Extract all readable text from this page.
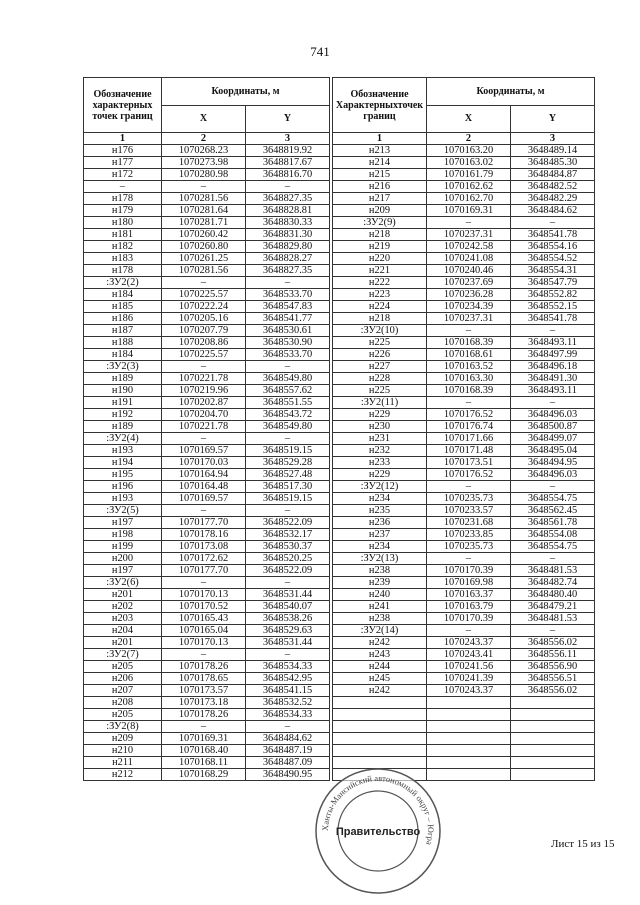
741
Обозначение характерных точек границ	Координаты, м	
	X	Y
1	2	3
н176	1070268.23	3648819.92
н177	1070273.98	3648817.67
н172	1070280.98	3648816.70
–	–	–
н178	1070281.56	3648827.35
н179	1070281.64	3648828.81
н180	1070281.71	3648830.33
н181	1070260.42	3648831.30
н182	1070260.80	3648829.80
н183	1070261.25	3648828.27
н178	1070281.56	3648827.35
:ЗУ2(2)	–	–
н184	1070225.57	3648533.70
н185	1070222.24	3648547.83
н186	1070205.16	3648541.77
н187	1070207.79	3648530.61
н188	1070208.86	3648530.90
н184	1070225.57	3648533.70
:ЗУ2(3)	–	–
н189	1070221.78	3648549.80
н190	1070219.96	3648557.62
н191	1070202.87	3648551.55
н192	1070204.70	3648543.72
н189	1070221.78	3648549.80
:ЗУ2(4)	–	–
н193	1070169.57	3648519.15
н194	1070170.03	3648529.28
н195	1070164.94	3648527.48
н196	1070164.48	3648517.30
н193	1070169.57	3648519.15
:ЗУ2(5)	–	–
н197	1070177.70	3648522.09
н198	1070178.16	3648532.17
н199	1070173.08	3648530.37
н200	1070172.62	3648520.25
н197	1070177.70	3648522.09
:ЗУ2(6)	–	–
н201	1070170.13	3648531.44
н202	1070170.52	3648540.07
н203	1070165.43	3648538.26
н204	1070165.04	3648529.63
н201	1070170.13	3648531.44
:ЗУ2(7)	–	–
н205	1070178.26	3648534.33
н206	1070178.65	3648542.95
н207	1070173.57	3648541.15
н208	1070173.18	3648532.52
н205	1070178.26	3648534.33
:ЗУ2(8)	–	–
н209	1070169.31	3648484.62
н210	1070168.40	3648487.19
н211	1070168.11	3648487.09
н212	1070168.29	3648490.95
Обозначение Характерныхточек границ	Координаты, м	
	X	Y
1	2	3
н213	1070163.20	3648489.14
н214	1070163.02	3648485.30
н215	1070161.79	3648484.87
н216	1070162.62	3648482.52
н217	1070162.70	3648482.29
н209	1070169.31	3648484.62
:ЗУ2(9)	–	–
н218	1070237.31	3648541.78
н219	1070242.58	3648554.16
н220	1070241.08	3648554.52
н221	1070240.46	3648554.31
н222	1070237.69	3648547.79
н223	1070236.28	3648552.82
н224	1070234.39	3648552.15
н218	1070237.31	3648541.78
:ЗУ2(10)	–	–
н225	1070168.39	3648493.11
н226	1070168.61	3648497.99
н227	1070163.52	3648496.18
н228	1070163.30	3648491.30
н225	1070168.39	3648493.11
:ЗУ2(11)	–	–
н229	1070176.52	3648496.03
н230	1070176.74	3648500.87
н231	1070171.66	3648499.07
н232	1070171.48	3648495.04
н233	1070173.51	3648494.95
н229	1070176.52	3648496.03
:ЗУ2(12)	–	–
н234	1070235.73	3648554.75
н235	1070233.57	3648562.45
н236	1070231.68	3648561.78
н237	1070233.85	3648554.08
н234	1070235.73	3648554.75
:ЗУ2(13)	–	–
н238	1070170.39	3648481.53
н239	1070169.98	3648482.74
н240	1070163.37	3648480.40
н241	1070163.79	3648479.21
н238	1070170.39	3648481.53
:ЗУ2(14)	–	–
н242	1070243.37	3648556.02
н243	1070243.41	3648556.11
н244	1070241.56	3648556.90
н245	1070241.39	3648556.51
н242	1070243.37	3648556.02

Ханты-Мансийский автономный округ – Югра
Правительство
Лист 15 из 15
